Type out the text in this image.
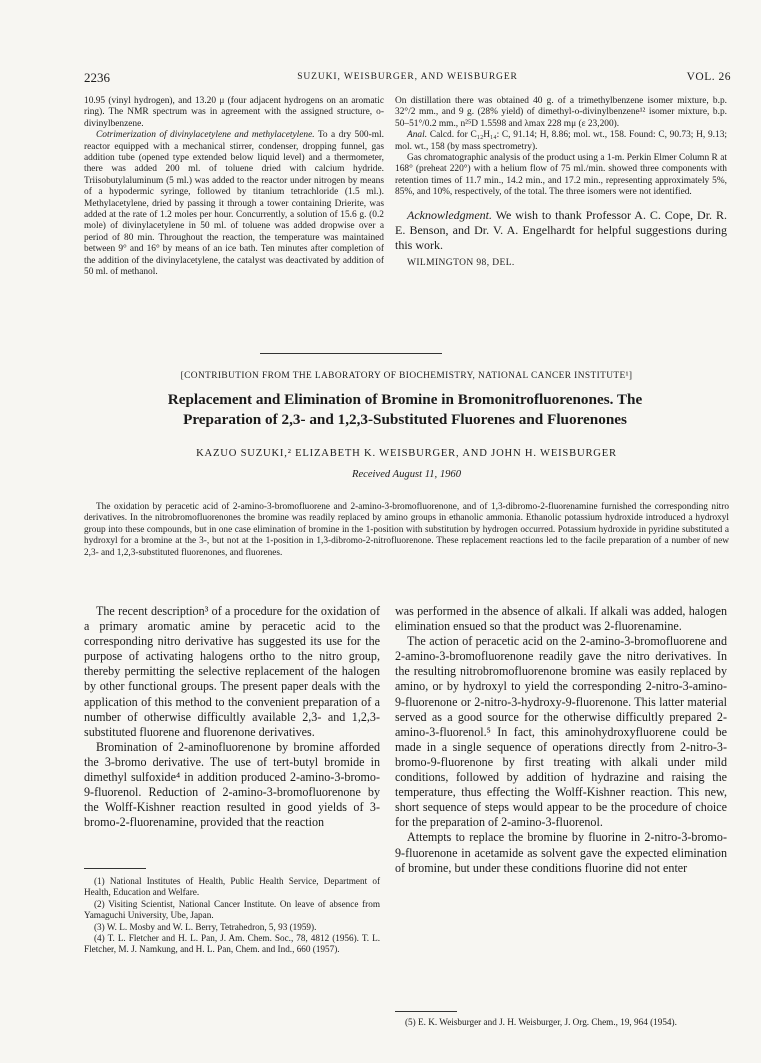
2236	SUZUKI, WEISBURGER, AND WEISBURGER	VOL. 26

10.95 (vinyl hydrogen), and 13.20 μ (four adjacent hydrogens on an aromatic ring). The NMR spectrum was in agreement with the assigned structure, o-divinylbenzene.

Cotrimerization of divinylacetylene and methylacetylene. To a dry 500-ml. reactor equipped with a mechanical stirrer, condenser, dropping funnel, gas addition tube (opened type extended below liquid level) and a thermometer, there was added 200 ml. of toluene dried with calcium hydride. Triisobutylaluminum (5 ml.) was added to the reactor under nitrogen by means of a hypodermic syringe, followed by titanium tetrachloride (1.5 ml.). Methylacetylene, dried by passing it through a tower containing Drierite, was added at the rate of 1.2 moles per hour. Concurrently, a solution of 15.6 g. (0.2 mole) of divinylacetylene in 50 ml. of toluene was added dropwise over a period of 80 min. Throughout the reaction, the temperature was maintained between 9° and 16° by means of an ice bath. Ten minutes after completion of the addition of the divinylacetylene, the catalyst was deactivated by addition of 50 ml. of methanol.

On distillation there was obtained 40 g. of a trimethylbenzene isomer mixture, b.p. 32°/2 mm., and 9 g. (28% yield) of dimethyl-o-divinylbenzene¹² isomer mixture, b.p. 50–51°/0.2 mm., n²⁵D 1.5598 and λmax 228 mμ (ε 23,200).

Anal. Calcd. for C₁₂H₁₄: C, 91.14; H, 8.86; mol. wt., 158. Found: C, 90.73; H, 9.13; mol. wt., 158 (by mass spectrometry).

Gas chromatographic analysis of the product using a 1-m. Perkin Elmer Column R at 168° (preheat 220°) with a helium flow of 75 ml./min. showed three components with retention times of 11.7 min., 14.2 min., and 17.2 min., representing approximately 5%, 85%, and 10%, respectively, of the total. The three isomers were not identified.

Acknowledgment. We wish to thank Professor A. C. Cope, Dr. R. E. Benson, and Dr. V. A. Engelhardt for helpful suggestions during this work.

WILMINGTON 98, DEL.

[CONTRIBUTION FROM THE LABORATORY OF BIOCHEMISTRY, NATIONAL CANCER INSTITUTE¹]
Replacement and Elimination of Bromine in Bromonitrofluorenones. The
Preparation of 2,3- and 1,2,3-Substituted Fluorenes and Fluorenones
KAZUO SUZUKI,² ELIZABETH K. WEISBURGER, AND JOHN H. WEISBURGER
Received August 11, 1960
The oxidation by peracetic acid of 2-amino-3-bromofluorene and 2-amino-3-bromofluorenone, and of 1,3-dibromo-2-fluorenamine furnished the corresponding nitro derivatives. In the nitrobromofluorenones the bromine was readily replaced by amino groups in ethanolic ammonia. Ethanolic potassium hydroxide introduced a hydroxyl group into these compounds, but in one case elimination of bromine in the 1-position with substitution by hydrogen occurred. Potassium hydroxide in pyridine substituted a hydroxyl for a bromine at the 3-, but not at the 1-position in 1,3-dibromo-2-nitrofluorenone. These replacement reactions led to the facile preparation of a number of new 2,3- and 1,2,3-substituted fluorenones, and fluorenes.

The recent description³ of a procedure for the oxidation of a primary aromatic amine by peracetic acid to the corresponding nitro derivative has suggested its use for the purpose of activating halogens ortho to the nitro group, thereby permitting the selective replacement of the halogen by other functional groups. The present paper deals with the application of this method to the convenient preparation of a number of otherwise difficultly available 2,3- and 1,2,3-substituted fluorene and fluorenone derivatives.

Bromination of 2-aminofluorenone by bromine afforded the 3-bromo derivative. The use of tert-butyl bromide in dimethyl sulfoxide⁴ in addition produced 2-amino-3-bromo-9-fluorenol. Reduction of 2-amino-3-bromofluorenone by the Wolff-Kishner reaction resulted in good yields of 3-bromo-2-fluorenamine, provided that the reaction

(1) National Institutes of Health, Public Health Service, Department of Health, Education and Welfare.

(2) Visiting Scientist, National Cancer Institute. On leave of absence from Yamaguchi University, Ube, Japan.

(3) W. L. Mosby and W. L. Berry, Tetrahedron, 5, 93 (1959).

(4) T. L. Fletcher and H. L. Pan, J. Am. Chem. Soc., 78, 4812 (1956). T. L. Fletcher, M. J. Namkung, and H. L. Pan, Chem. and Ind., 660 (1957).

was performed in the absence of alkali. If alkali was added, halogen elimination ensued so that the product was 2-fluorenamine.

The action of peracetic acid on the 2-amino-3-bromofluorene and 2-amino-3-bromofluorenone readily gave the nitro derivatives. In the resulting nitrobromofluorenone bromine was easily replaced by amino, or by hydroxyl to yield the corresponding 2-nitro-3-amino-9-fluorenone or 2-nitro-3-hydroxy-9-fluorenone. This latter material served as a good source for the otherwise difficultly prepared 2-amino-3-fluorenol.⁵ In fact, this aminohydroxyfluorene could be made in a single sequence of operations directly from 2-nitro-3-bromo-9-fluorenone by first treating with alkali under mild conditions, followed by addition of hydrazine and raising the temperature, thus effecting the Wolff-Kishner reaction. This new, short sequence of steps would appear to be the procedure of choice for the preparation of 2-amino-3-fluorenol.

Attempts to replace the bromine by fluorine in 2-nitro-3-bromo-9-fluorenone in acetamide as solvent gave the expected elimination of bromine, but under these conditions fluorine did not enter

(5) E. K. Weisburger and J. H. Weisburger, J. Org. Chem., 19, 964 (1954).
